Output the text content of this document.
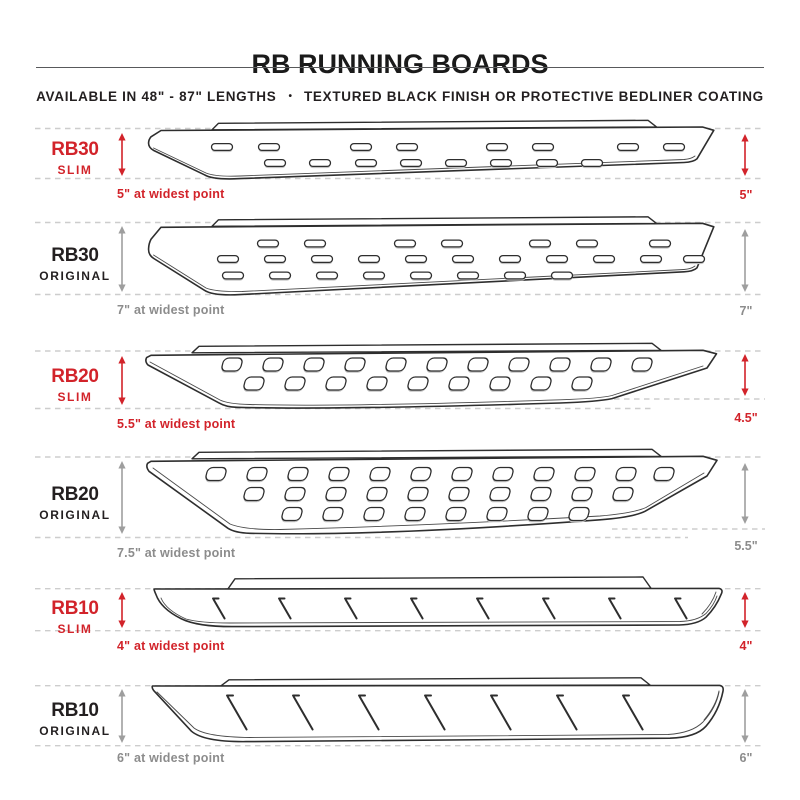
RB RUNNING BOARDS

AVAILABLE IN 48" - 87" LENGTHS • TEXTURED BLACK FINISH OR PROTECTIVE BEDLINER COATING

RB30
SLIM
5" at widest point	5"
RB30
ORIGINAL
7" at widest point	7"
RB20
SLIM
5.5" at widest point	4.5"
RB20
ORIGINAL
7.5" at widest point	5.5"
RB10
SLIM
4" at widest point	4"
RB10
ORIGINAL
6" at widest point	6"
